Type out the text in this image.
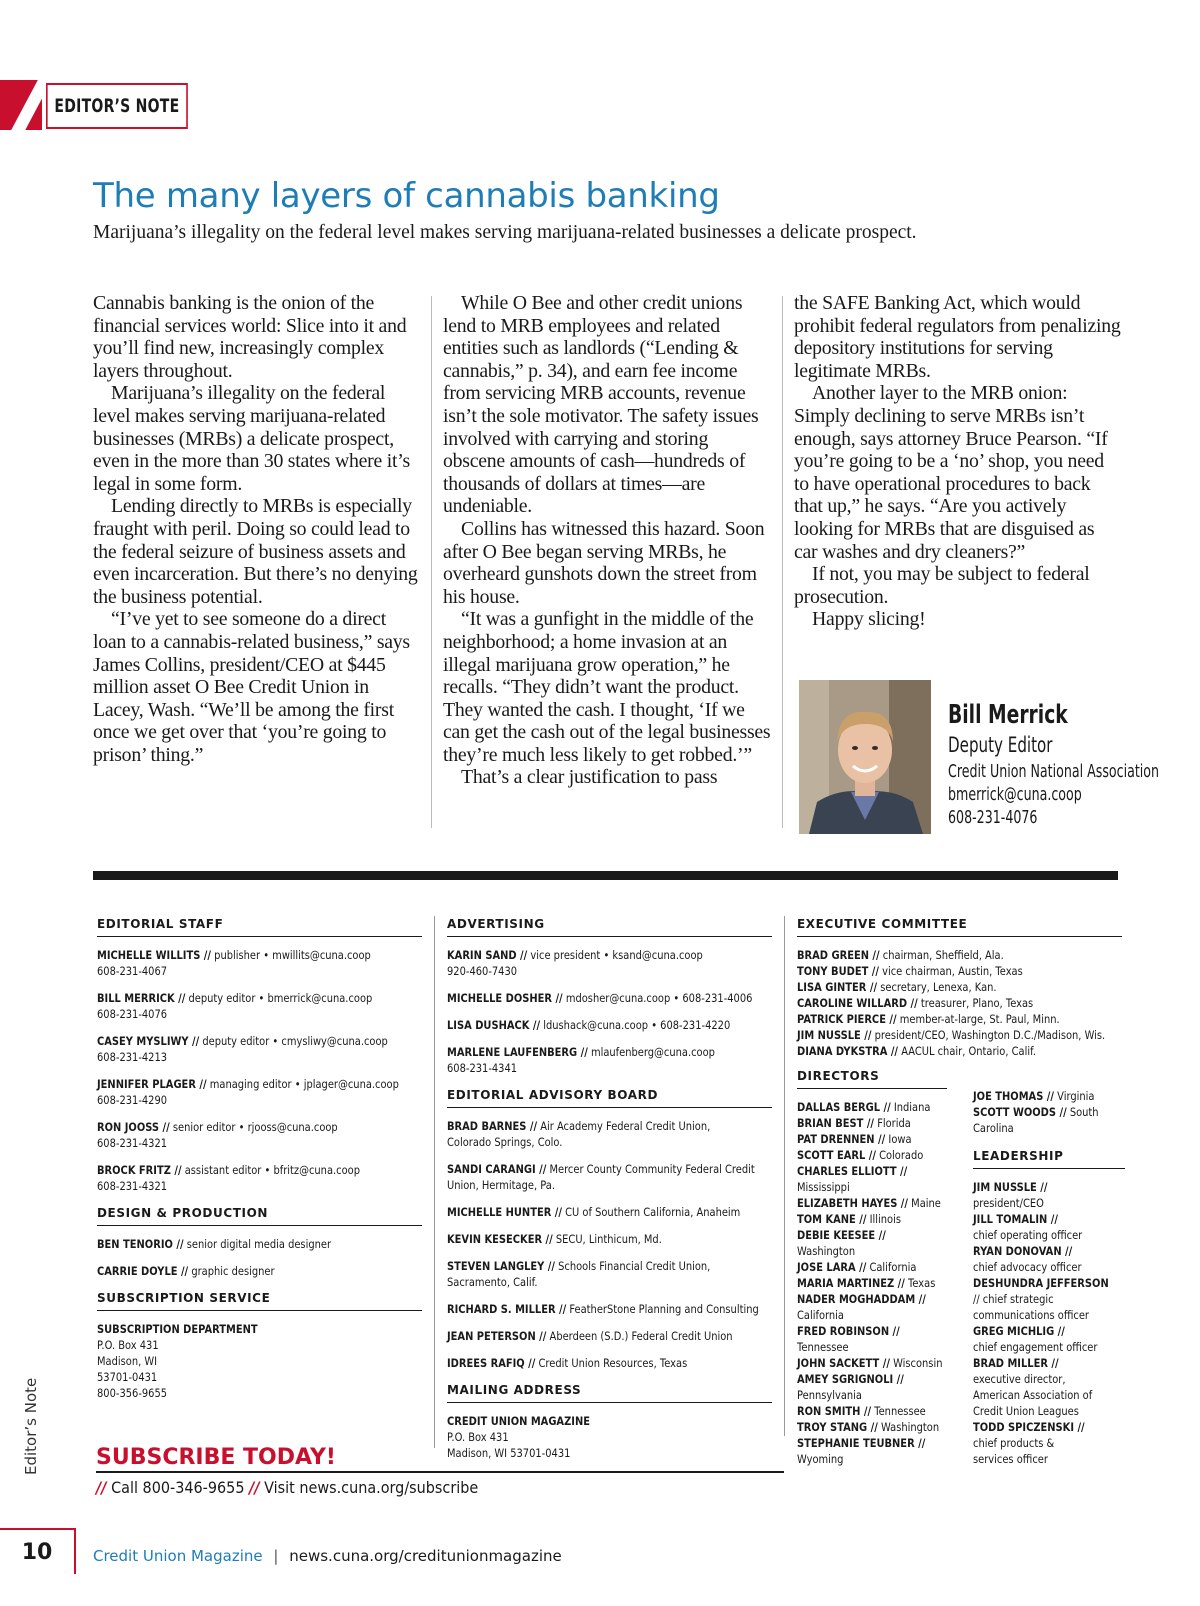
EDITOR’S NOTE
The many layers of cannabis banking
Marijuana’s illegality on the federal level makes serving marijuana-related businesses a delicate prospect.

Cannabis banking is the onion of the financial services world: Slice into it and you’ll find new, increasingly complex layers throughout.

Marijuana’s illegality on the federal level makes serving marijuana-related businesses (MRBs) a delicate prospect, even in the more than 30 states where it’s legal in some form.

Lending directly to MRBs is especially fraught with peril. Doing so could lead to the federal seizure of business assets and even incarceration. But there’s no denying the business potential.

“I’ve yet to see someone do a direct loan to a cannabis-related business,” says James Collins, president/CEO at $445 million asset O Bee Credit Union in Lacey, Wash. “We’ll be among the first once we get over that ‘you’re going to prison’ thing.”

While O Bee and other credit unions lend to MRB employees and related entities such as landlords (“Lending & cannabis,” p. 34), and earn fee income from servicing MRB accounts, revenue isn’t the sole motivator. The safety issues involved with carrying and storing obscene amounts of cash—hundreds of thousands of dollars at times—are undeniable.

Collins has witnessed this hazard. Soon after O Bee began serving MRBs, he overheard gunshots down the street from his house.

“It was a gunfight in the middle of the neighborhood; a home invasion at an illegal marijuana grow operation,” he recalls. “They didn’t want the product. They wanted the cash. I thought, ‘If we can get the cash out of the legal businesses they’re much less likely to get robbed.’”

That’s a clear justification to pass

the SAFE Banking Act, which would prohibit federal regulators from penalizing depository institutions for serving legitimate MRBs.

Another layer to the MRB onion: Simply declining to serve MRBs isn’t enough, says attorney Bruce Pearson. “If you’re going to be a ‘no’ shop, you need to have operational procedures to back that up,” he says. “Are you actively looking for MRBs that are disguised as car washes and dry cleaners?”

If not, you may be subject to federal prosecution.

Happy slicing!

Bill Merrick
Deputy Editor
Credit Union National Association
bmerrick@cuna.coop
608-231-4076
EDITORIAL STAFF
MICHELLE WILLITS // publisher • mwillits@cuna.coop
608-231-4067
BILL MERRICK // deputy editor • bmerrick@cuna.coop
608-231-4076
CASEY MYSLIWY // deputy editor • cmysliwy@cuna.coop
608-231-4213
JENNIFER PLAGER // managing editor • jplager@cuna.coop
608-231-4290
RON JOOSS // senior editor • rjooss@cuna.coop
608-231-4321
BROCK FRITZ // assistant editor • bfritz@cuna.coop
608-231-4321
DESIGN & PRODUCTION
BEN TENORIO // senior digital media designer
CARRIE DOYLE // graphic designer
SUBSCRIPTION SERVICE
SUBSCRIPTION DEPARTMENT
P.O. Box 431
Madison, WI
53701-0431
800-356-9655
ADVERTISING
KARIN SAND // vice president • ksand@cuna.coop
920-460-7430
MICHELLE DOSHER // mdosher@cuna.coop • 608-231-4006
LISA DUSHACK // ldushack@cuna.coop • 608-231-4220
MARLENE LAUFENBERG // mlaufenberg@cuna.coop
608-231-4341
EDITORIAL ADVISORY BOARD
BRAD BARNES // Air Academy Federal Credit Union,
Colorado Springs, Colo.
SANDI CARANGI // Mercer County Community Federal Credit
Union, Hermitage, Pa.
MICHELLE HUNTER // CU of Southern California, Anaheim
KEVIN KESECKER // SECU, Linthicum, Md.
STEVEN LANGLEY // Schools Financial Credit Union,
Sacramento, Calif.
RICHARD S. MILLER // FeatherStone Planning and Consulting
JEAN PETERSON // Aberdeen (S.D.) Federal Credit Union
IDREES RAFIQ // Credit Union Resources, Texas
MAILING ADDRESS
CREDIT UNION MAGAZINE
P.O. Box 431
Madison, WI 53701-0431
EXECUTIVE COMMITTEE
BRAD GREEN // chairman, Sheffield, Ala.
TONY BUDET // vice chairman, Austin, Texas
LISA GINTER // secretary, Lenexa, Kan.
CAROLINE WILLARD // treasurer, Plano, Texas
PATRICK PIERCE // member-at-large, St. Paul, Minn.
JIM NUSSLE // president/CEO, Washington D.C./Madison, Wis.
DIANA DYKSTRA // AACUL chair, Ontario, Calif.
DIRECTORS
DALLAS BERGL // Indiana
BRIAN BEST // Florida
PAT DRENNEN // Iowa
SCOTT EARL // Colorado
CHARLES ELLIOTT //
Mississippi
ELIZABETH HAYES // Maine
TOM KANE // Illinois
DEBIE KEESEE //
Washington
JOSE LARA // California
MARIA MARTINEZ // Texas
NADER MOGHADDAM //
California
FRED ROBINSON //
Tennessee
JOHN SACKETT // Wisconsin
AMEY SGRIGNOLI //
Pennsylvania
RON SMITH // Tennessee
TROY STANG // Washington
STEPHANIE TEUBNER //
Wyoming
JOE THOMAS // Virginia
SCOTT WOODS // South
Carolina
LEADERSHIP
JIM NUSSLE //
president/CEO
JILL TOMALIN //
chief operating officer
RYAN DONOVAN //
chief advocacy officer
DESHUNDRA JEFFERSON
// chief strategic
communications officer
GREG MICHLIG //
chief engagement officer
BRAD MILLER //
executive director,
American Association of
Credit Union Leagues
TODD SPICZENSKI //
chief products &
services officer
SUBSCRIBE TODAY!
// Call 800-346-9655 // Visit news.cuna.org/subscribe
Editor’s Note
10	Credit Union Magazine | news.cuna.org/creditunionmagazine
